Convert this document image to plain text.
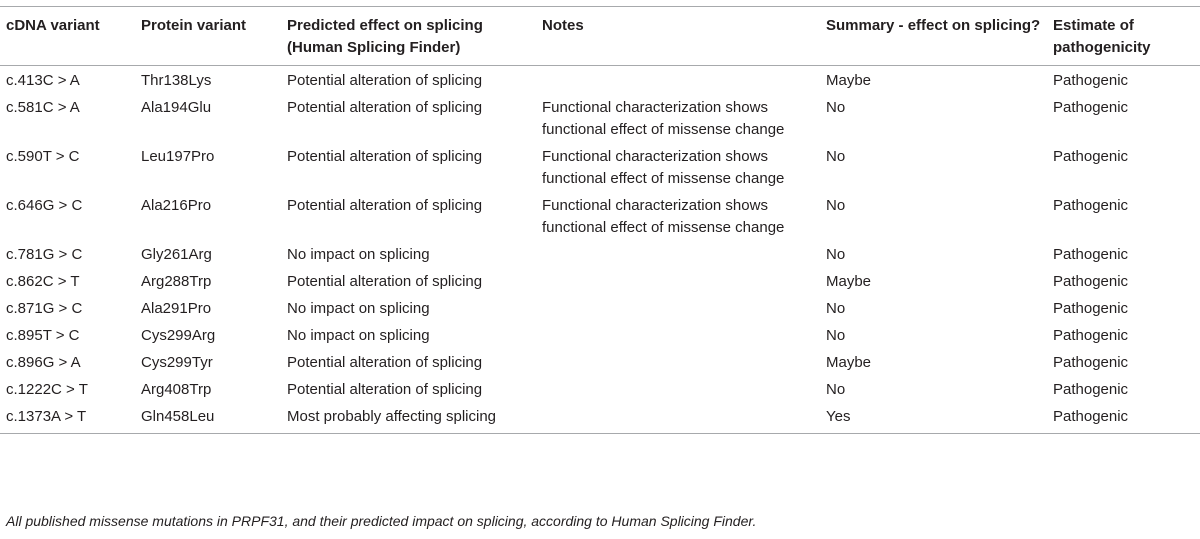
cDNA variant	Protein variant	Predicted effect on splicing (Human Splicing Finder)	Notes	Summary - effect on splicing?	Estimate of pathogenicity
c.413C > A	Thr138Lys	Potential alteration of splicing		Maybe	Pathogenic
c.581C > A	Ala194Glu	Potential alteration of splicing	Functional characterization shows functional effect of missense change	No	Pathogenic
c.590T > C	Leu197Pro	Potential alteration of splicing	Functional characterization shows functional effect of missense change	No	Pathogenic
c.646G > C	Ala216Pro	Potential alteration of splicing	Functional characterization shows functional effect of missense change	No	Pathogenic
c.781G > C	Gly261Arg	No impact on splicing		No	Pathogenic
c.862C > T	Arg288Trp	Potential alteration of splicing		Maybe	Pathogenic
c.871G > C	Ala291Pro	No impact on splicing		No	Pathogenic
c.895T > C	Cys299Arg	No impact on splicing		No	Pathogenic
c.896G > A	Cys299Tyr	Potential alteration of splicing		Maybe	Pathogenic
c.1222C > T	Arg408Trp	Potential alteration of splicing		No	Pathogenic
c.1373A > T	Gln458Leu	Most probably affecting splicing		Yes	Pathogenic
All published missense mutations in PRPF31, and their predicted impact on splicing, according to Human Splicing Finder.
